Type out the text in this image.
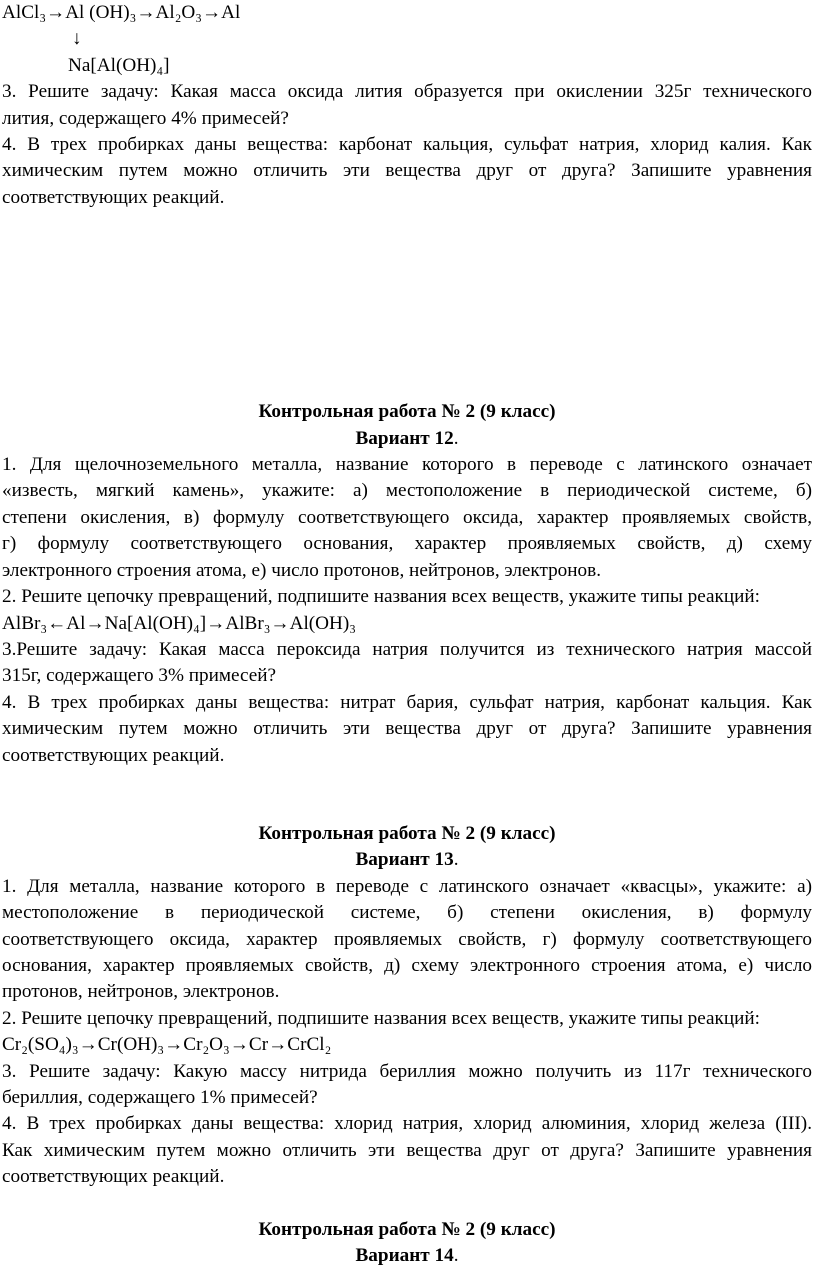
AlCl₃→Al (OH)₃→Al₂O₃→Al
↓
Na[Al(OH)₄]
3. Решите задачу: Какая масса оксида лития образуется при окислении 325г технического
лития, содержащего 4% примесей?
4. В трех пробирках даны вещества: карбонат кальция, сульфат натрия, хлорид калия. Как
химическим путем можно отличить эти вещества друг от друга? Запишите уравнения
соответствующих реакций.
Контрольная работа № 2 (9 класс)
Вариант 12.
1. Для щелочноземельного металла, название которого в переводе с латинского означает
«известь, мягкий камень», укажите: а) местоположение в периодической системе, б)
степени окисления, в) формулу соответствующего оксида, характер проявляемых свойств,
г) формулу соответствующего основания, характер проявляемых свойств, д) схему
электронного строения атома, е) число протонов, нейтронов, электронов.
2. Решите цепочку превращений, подпишите названия всех веществ, укажите типы реакций:
AlBr₃←Al→Na[Al(OH)₄]→AlBr₃→Al(OH)₃
3.Решите задачу: Какая масса пероксида натрия получится из технического натрия массой
315г, содержащего 3% примесей?
4. В трех пробирках даны вещества: нитрат бария, сульфат натрия, карбонат кальция. Как
химическим путем можно отличить эти вещества друг от друга? Запишите уравнения
соответствующих реакций.
Контрольная работа № 2 (9 класс)
Вариант 13.
1. Для металла, название которого в переводе с латинского означает «квасцы», укажите: а)
местоположение в периодической системе, б) степени окисления, в) формулу
соответствующего оксида, характер проявляемых свойств, г) формулу соответствующего
основания, характер проявляемых свойств, д) схему электронного строения атома, е) число
протонов, нейтронов, электронов.
2. Решите цепочку превращений, подпишите названия всех веществ, укажите типы реакций:
Cr₂(SO₄)₃→Cr(OH)₃→Cr₂O₃→Cr→CrCl₂
3. Решите задачу: Какую массу нитрида бериллия можно получить из 117г технического
бериллия, содержащего 1% примесей?
4. В трех пробирках даны вещества: хлорид натрия, хлорид алюминия, хлорид железа (III).
Как химическим путем можно отличить эти вещества друг от друга? Запишите уравнения
соответствующих реакций.
Контрольная работа № 2 (9 класс)
Вариант 14.
